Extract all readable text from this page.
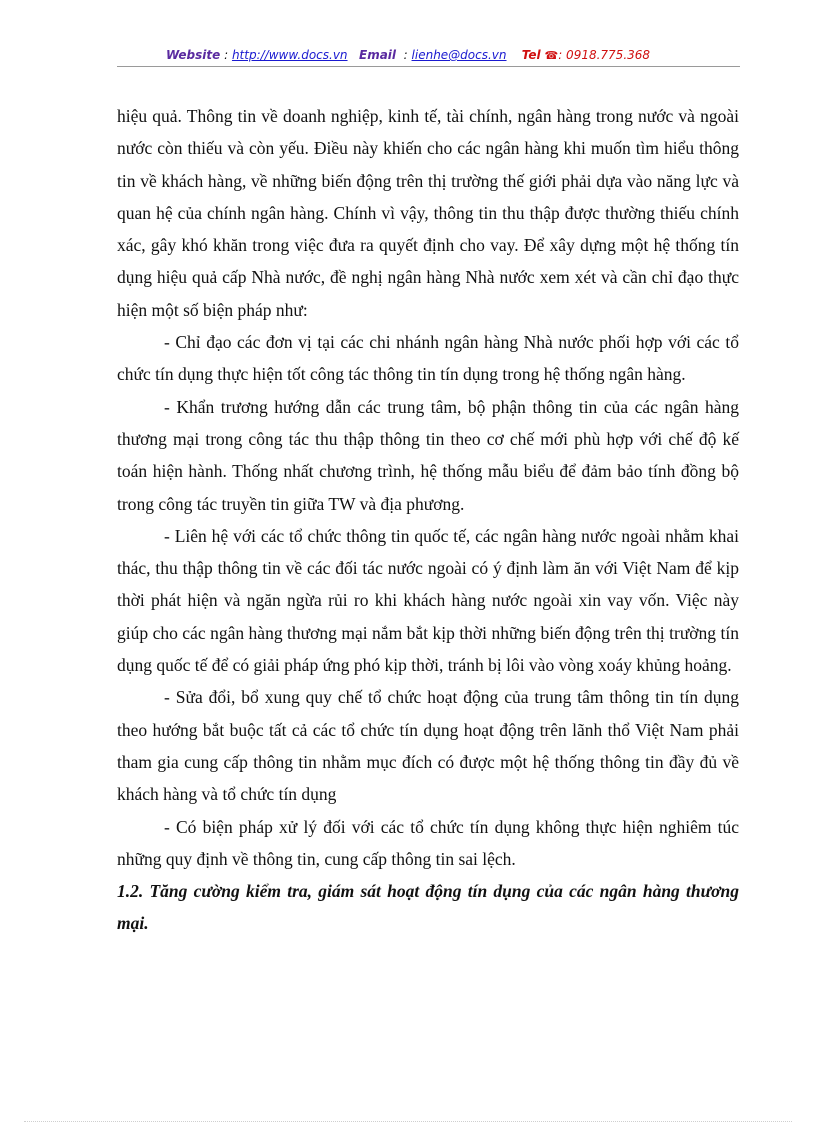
Website : http://www.docs.vn Email  : lienhe@docs.vn Tel ☎: 0918.775.368

hiệu quả. Thông tin về doanh nghiệp, kinh tế, tài chính, ngân hàng trong nước và ngoài nước còn thiếu và còn yếu. Điều này khiến cho các ngân hàng khi muốn tìm hiểu thông tin về khách hàng, về những biến động trên thị trường thế giới phải dựa vào năng lực và quan hệ của chính ngân hàng. Chính vì vậy, thông tin thu thập được thường thiếu chính xác, gây khó khăn trong việc đưa ra quyết định cho vay. Để xây dựng một hệ thống tín dụng hiệu quả cấp Nhà nước, đề nghị ngân hàng Nhà nước xem xét và cần chỉ đạo thực hiện một số biện pháp như:

- Chỉ đạo các đơn vị tại các chi nhánh ngân hàng Nhà nước phối hợp với các tổ chức tín dụng thực hiện tốt công tác thông tin tín dụng trong hệ thống ngân hàng.

- Khẩn trương hướng dẫn các trung tâm, bộ phận thông tin của các ngân hàng thương mại trong công tác thu thập thông tin theo cơ chế mới phù hợp với chế độ kế toán hiện hành. Thống nhất chương trình, hệ thống mẫu biểu để đảm bảo tính đồng bộ trong công tác truyền tin giữa TW và địa phương.

- Liên hệ với các tổ chức thông tin quốc tế, các ngân hàng nước ngoài nhằm khai thác, thu thập thông tin về các đối tác nước ngoài có ý định làm ăn với Việt Nam để kịp thời phát hiện và ngăn ngừa rủi ro khi khách hàng nước ngoài xin vay vốn. Việc này giúp cho các ngân hàng thương mại nắm bắt kịp thời những biến động trên thị trường tín dụng quốc tế để có giải pháp ứng phó kịp thời, tránh bị lôi vào vòng xoáy khủng hoảng.

- Sửa đổi, bổ xung quy chế tổ chức hoạt động của trung tâm thông tin tín dụng theo hướng bắt buộc tất cả các tổ chức tín dụng hoạt động trên lãnh thổ Việt Nam phải tham gia cung cấp thông tin nhằm mục đích có được một hệ thống thông tin đầy đủ về khách hàng và tổ chức tín dụng

- Có biện pháp xử lý đối với các tổ chức tín dụng không thực hiện nghiêm túc những quy định về thông tin, cung cấp thông tin sai lệch.

1.2. Tăng cường kiểm tra, giám sát hoạt động tín dụng của các ngân hàng thương mại.
